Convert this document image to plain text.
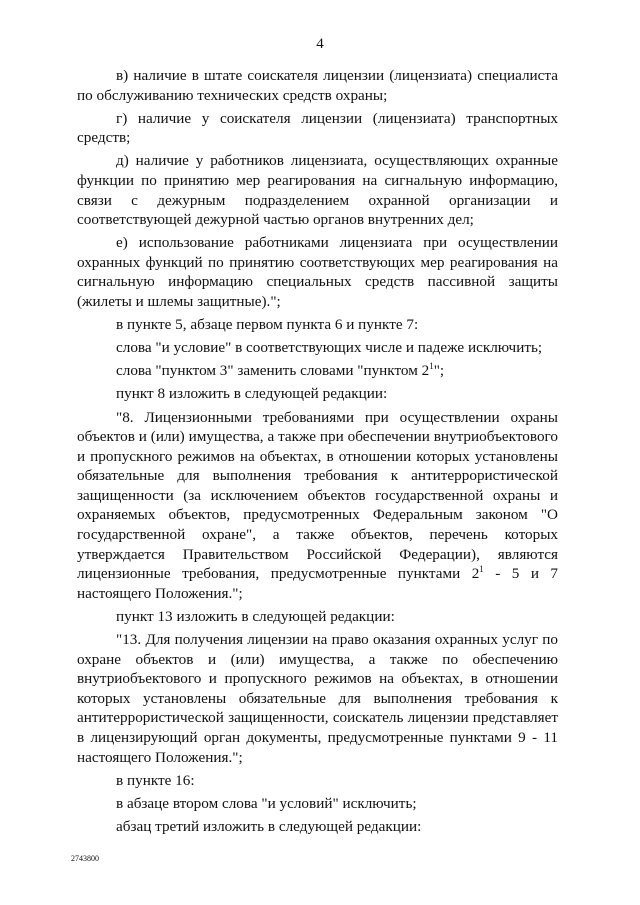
4

в) наличие в штате соискателя лицензии (лицензиата) специалиста по обслуживанию технических средств охраны;

г) наличие у соискателя лицензии (лицензиата) транспортных средств;

д) наличие у работников лицензиата, осуществляющих охранные функции по принятию мер реагирования на сигнальную информацию, связи с дежурным подразделением охранной организации и соответствующей дежурной частью органов внутренних дел;

е) использование работниками лицензиата при осуществлении охранных функций по принятию соответствующих мер реагирования на сигнальную информацию специальных средств пассивной защиты (жилеты и шлемы защитные).";

в пункте 5, абзаце первом пункта 6 и пункте 7:

слова "и условие" в соответствующих числе и падеже исключить;

слова "пунктом 3" заменить словами "пунктом $2^1$";

пункт 8 изложить в следующей редакции:

"8. Лицензионными требованиями при осуществлении охраны объектов и (или) имущества, а также при обеспечении внутриобъектового и пропускного режимов на объектах, в отношении которых установлены обязательные для выполнения требования к антитеррористической защищенности (за исключением объектов государственной охраны и охраняемых объектов, предусмотренных Федеральным законом "О государственной охране", а также объектов, перечень которых утверждается Правительством Российской Федерации), являются лицензионные требования, предусмотренные пунктами $2^1 - 5$ и 7 настоящего Положения.";

пункт 13 изложить в следующей редакции:

"13. Для получения лицензии на право оказания охранных услуг по охране объектов и (или) имущества, а также по обеспечению внутриобъектового и пропускного режимов на объектах, в отношении которых установлены обязательные для выполнения требования к антитеррористической защищенности, соискатель лицензии представляет в лицензирующий орган документы, предусмотренные пунктами 9 - 11 настоящего Положения.";

в пункте 16:

в абзаце втором слова "и условий" исключить;

абзац третий изложить в следующей редакции:

2743800
